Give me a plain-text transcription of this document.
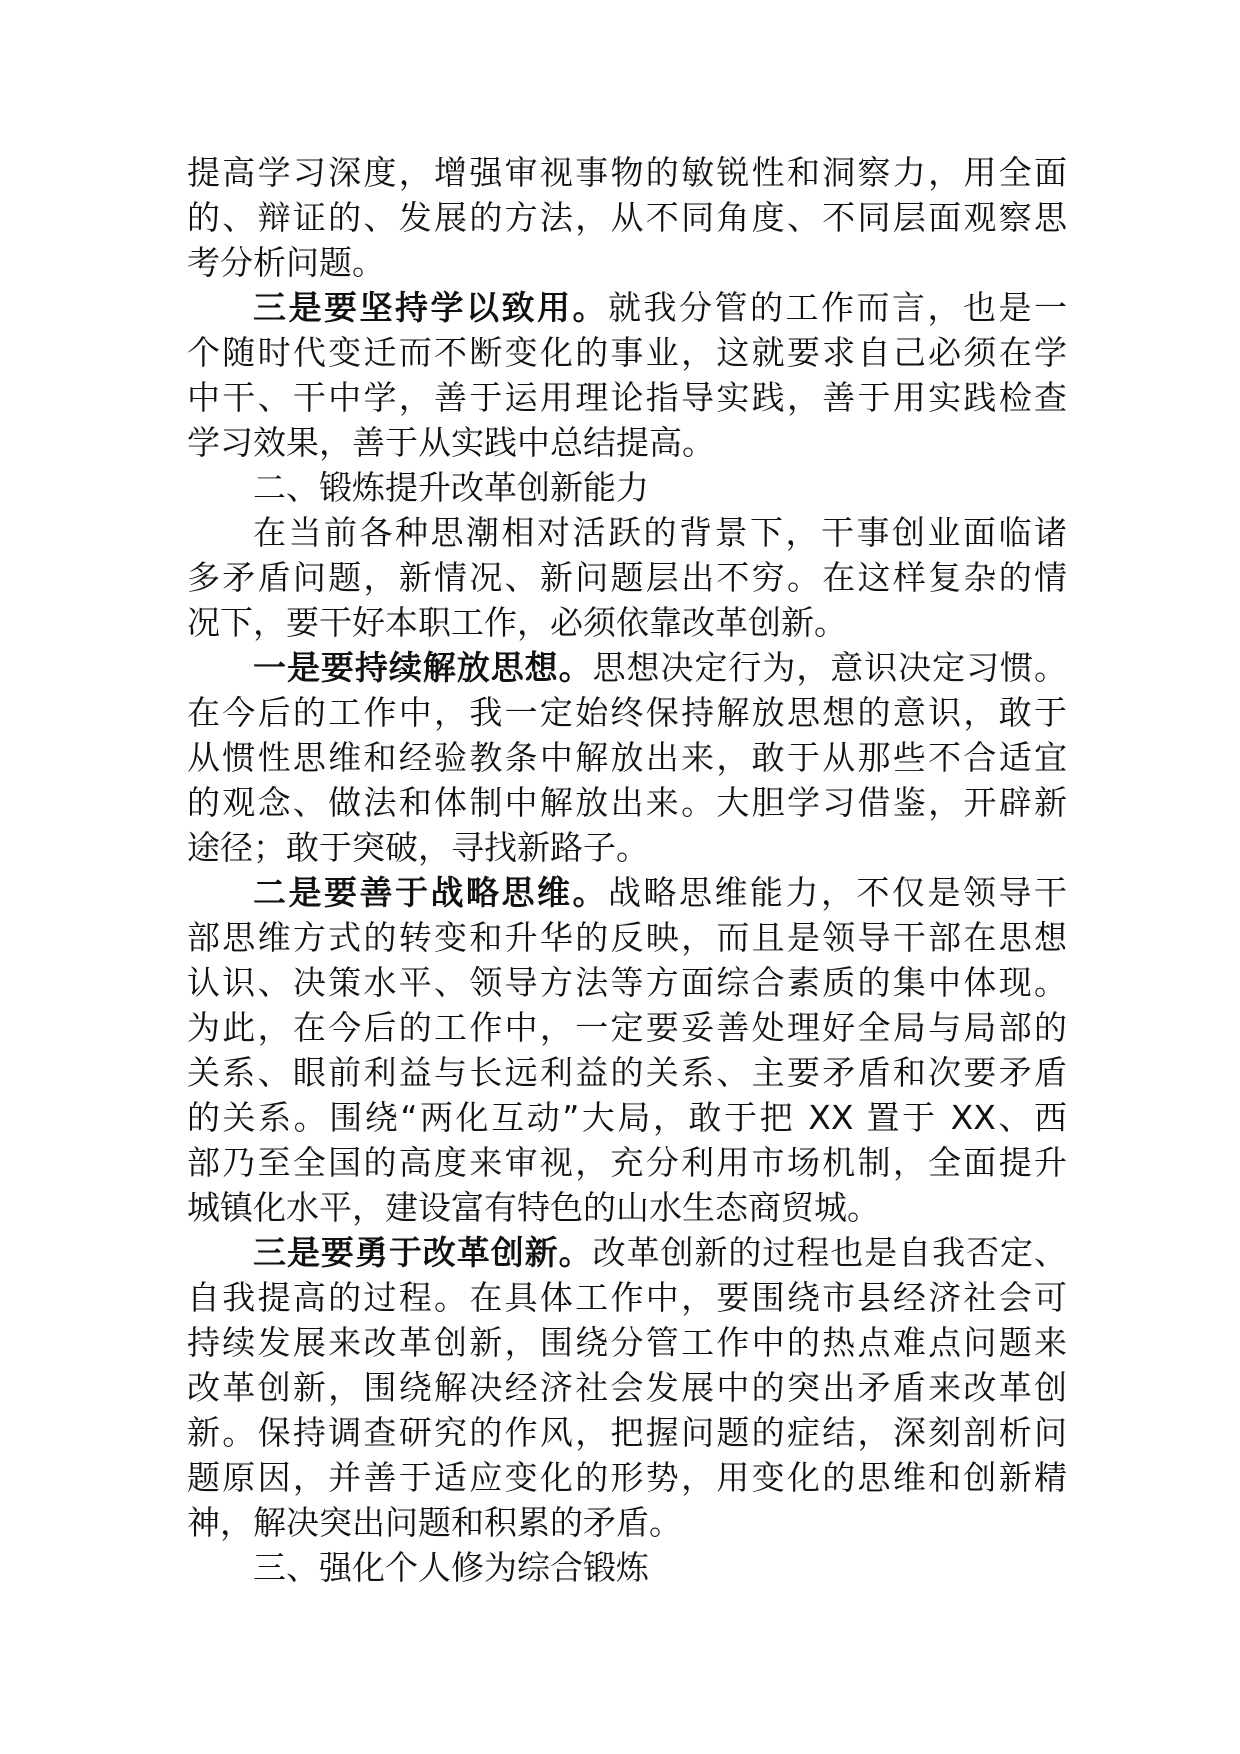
提高学习深度，增强审视事物的敏锐性和洞察力，用全面
的、辩证的、发展的方法，从不同角度、不同层面观察思
考分析问题。
三是要坚持学以致用。就我分管的工作而言，也是一
个随时代变迁而不断变化的事业，这就要求自己必须在学
中干、干中学，善于运用理论指导实践，善于用实践检查
学习效果，善于从实践中总结提高。
二、锻炼提升改革创新能力
在当前各种思潮相对活跃的背景下，干事创业面临诸
多矛盾问题，新情况、新问题层出不穷。在这样复杂的情
况下，要干好本职工作，必须依靠改革创新。
一是要持续解放思想。思想决定行为，意识决定习惯。
在今后的工作中，我一定始终保持解放思想的意识，敢于
从惯性思维和经验教条中解放出来，敢于从那些不合适宜
的观念、做法和体制中解放出来。大胆学习借鉴，开辟新
途径；敢于突破，寻找新路子。
二是要善于战略思维。战略思维能力，不仅是领导干
部思维方式的转变和升华的反映，而且是领导干部在思想
认识、决策水平、领导方法等方面综合素质的集中体现。
为此，在今后的工作中，一定要妥善处理好全局与局部的
关系、眼前利益与长远利益的关系、主要矛盾和次要矛盾
的关系。围绕“两化互动”大局，敢于把 XX 置于 XX、西
部乃至全国的高度来审视，充分利用市场机制，全面提升
城镇化水平，建设富有特色的山水生态商贸城。
三是要勇于改革创新。改革创新的过程也是自我否定、
自我提高的过程。在具体工作中，要围绕市县经济社会可
持续发展来改革创新，围绕分管工作中的热点难点问题来
改革创新，围绕解决经济社会发展中的突出矛盾来改革创
新。保持调查研究的作风，把握问题的症结，深刻剖析问
题原因，并善于适应变化的形势，用变化的思维和创新精
神，解决突出问题和积累的矛盾。
三、强化个人修为综合锻炼
